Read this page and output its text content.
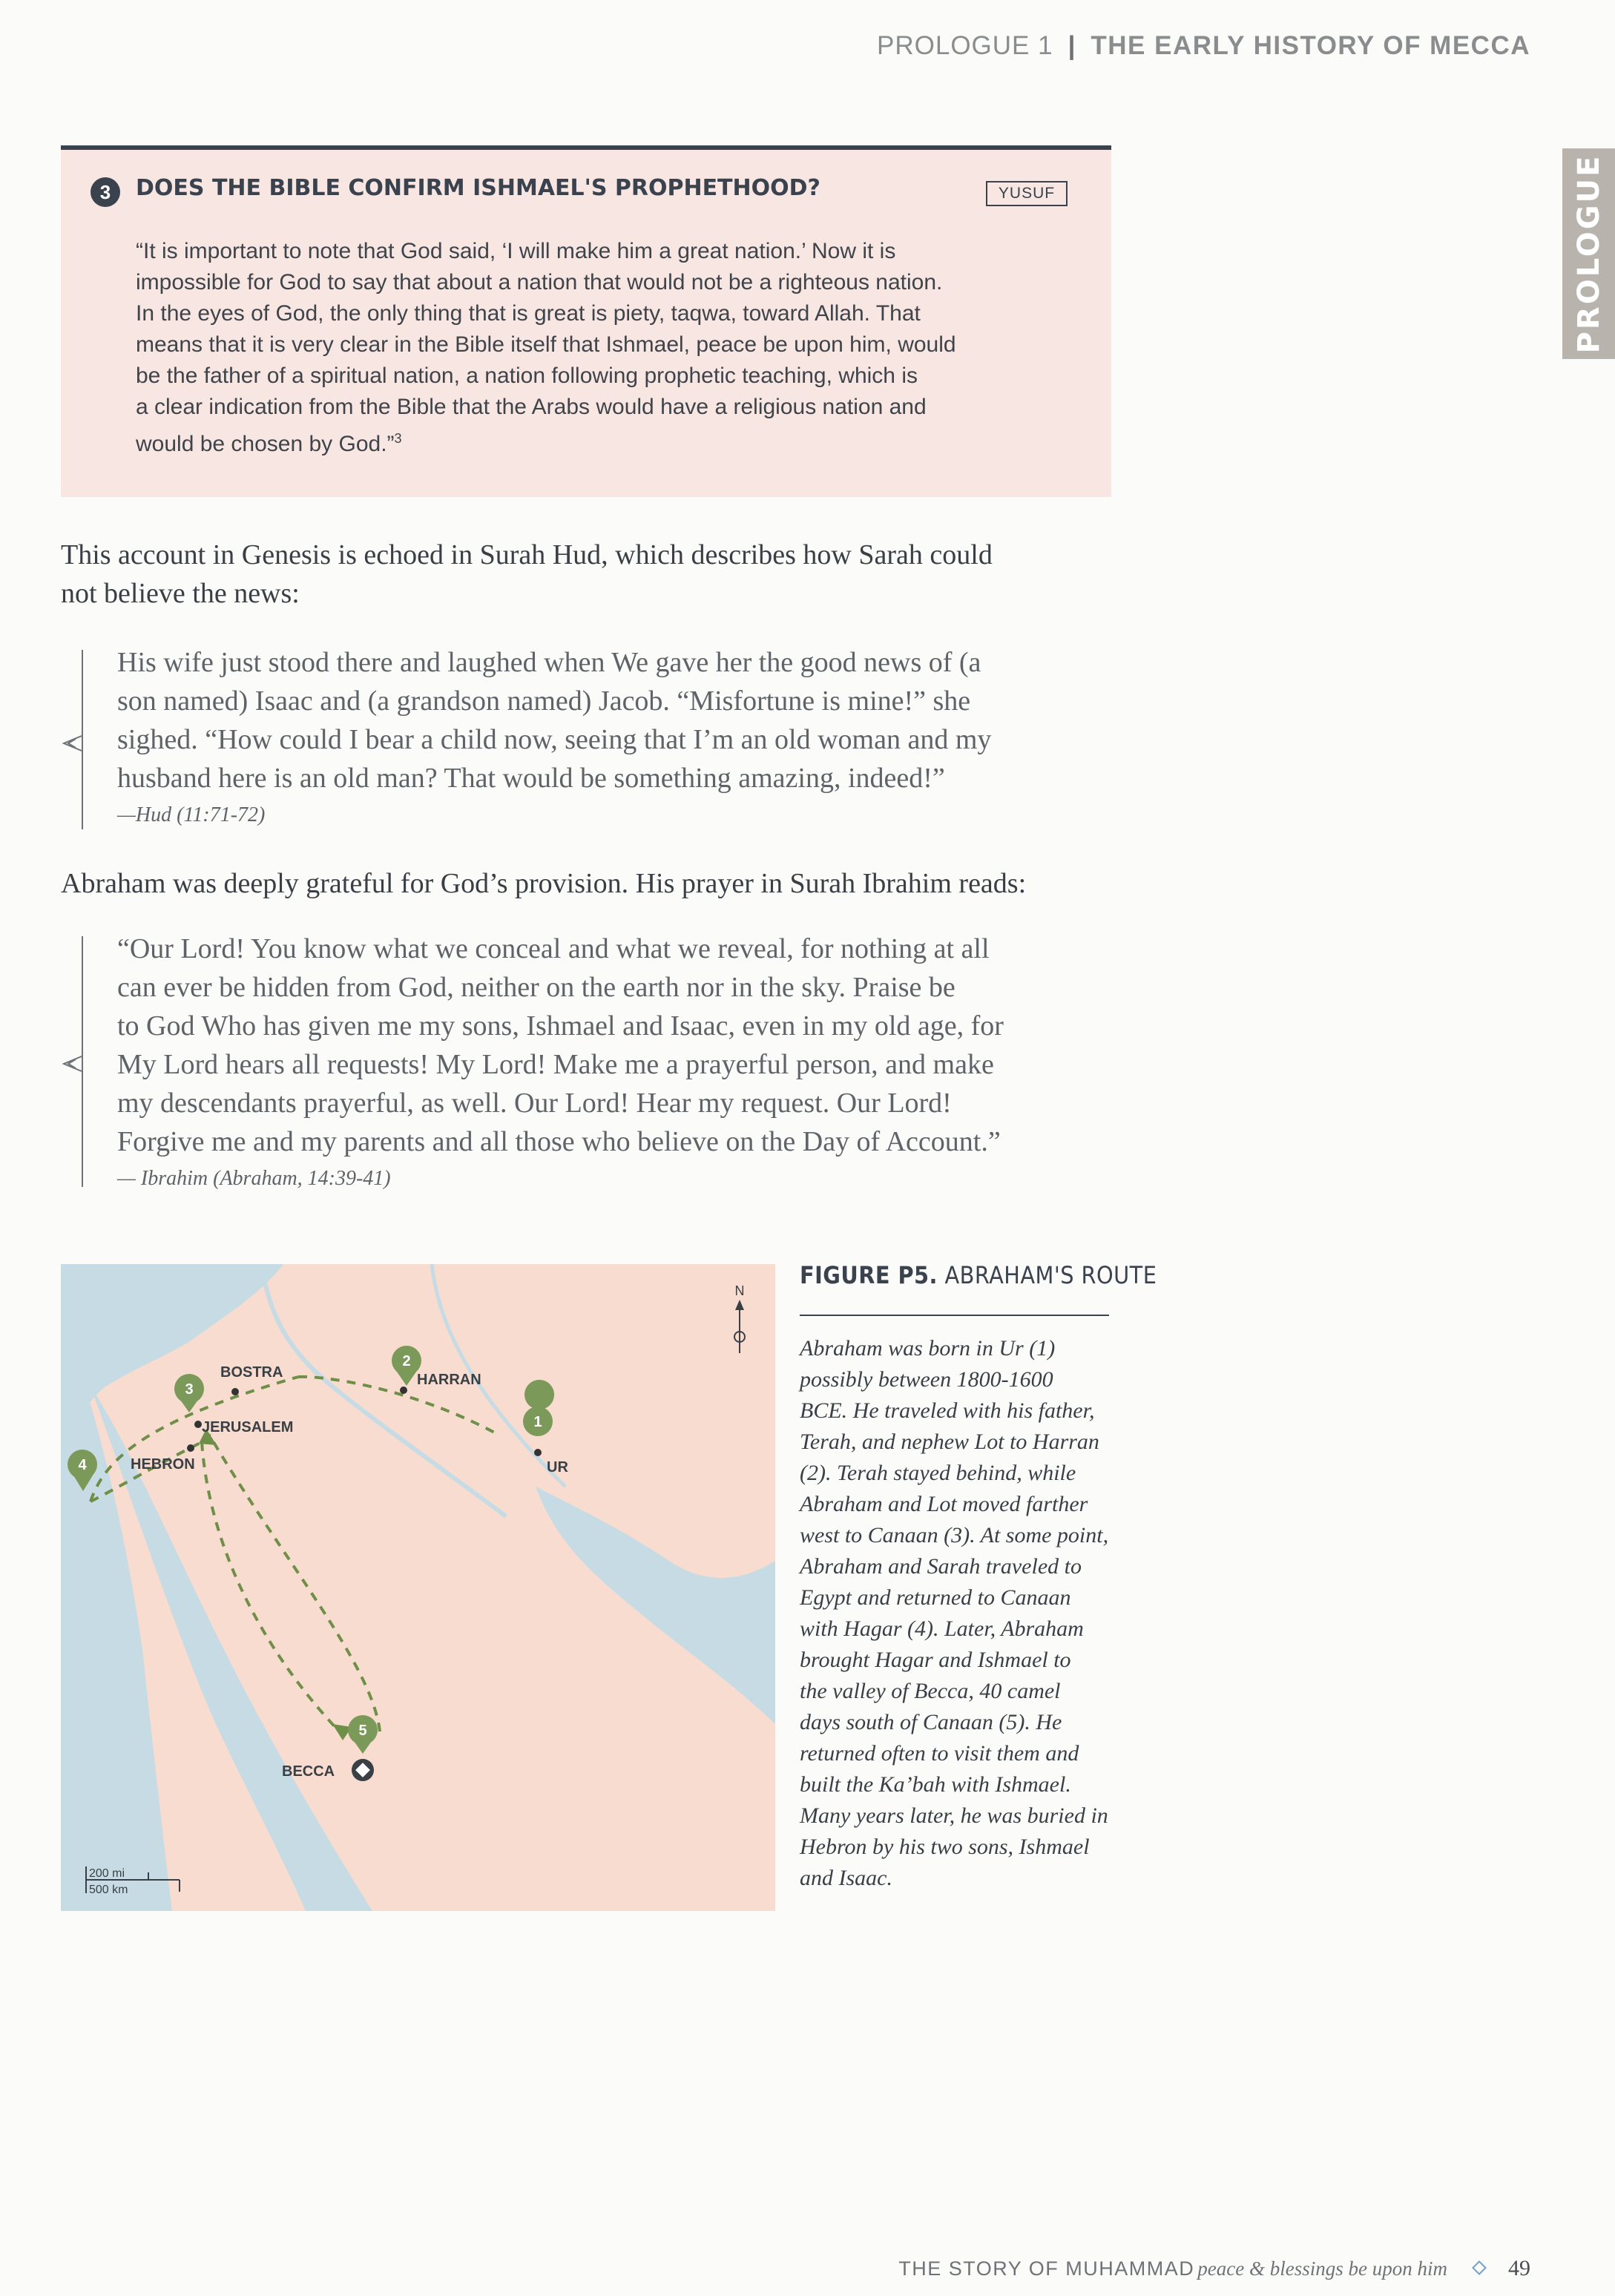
PROLOGUE 1 | THE EARLY HISTORY OF MECCA
PROLOGUE
3	DOES THE BIBLE CONFIRM ISHMAEL'S PROPHETHOOD?	YUSUF
“It is important to note that God said, ‘I will make him a great nation.’ Now it is
impossible for God to say that about a nation that would not be a righteous nation.
In the eyes of God, the only thing that is great is piety, taqwa, toward Allah. That
means that it is very clear in the Bible itself that Ishmael, peace be upon him, would
be the father of a spiritual nation, a nation following prophetic teaching, which is
a clear indication from the Bible that the Arabs would have a religious nation and
would be chosen by God.”$^3$
This account in Genesis is echoed in Surah Hud, which describes how Sarah could
not believe the news:
His wife just stood there and laughed when We gave her the good news of (a
son named) Isaac and (a grandson named) Jacob. “Misfortune is mine!” she
sighed. “How could I bear a child now, seeing that I’m an old woman and my
husband here is an old man? That would be something amazing, indeed!”
—Hud (11:71-72)
Abraham was deeply grateful for God’s provision. His prayer in Surah Ibrahim reads:
“Our Lord! You know what we conceal and what we reveal, for nothing at all
can ever be hidden from God, neither on the earth nor in the sky. Praise be
to God Who has given me my sons, Ishmael and Isaac, even in my old age, for
My Lord hears all requests! My Lord! Make me a prayerful person, and make
my descendants prayerful, as well. Our Lord! Hear my request. Our Lord!
Forgive me and my parents and all those who believe on the Day of Account.”
— Ibrahim (Abraham, 14:39-41)
BOSTRA	HARRAN
JERUSALEM
HEBRON	UR
BECCA
1
2
3
4
5
N
200 mi
500 km
FIGURE P5. ABRAHAM'S ROUTE
Abraham was born in Ur (1)
possibly between 1800-1600
BCE. He traveled with his father,
Terah, and nephew Lot to Harran
(2). Terah stayed behind, while
Abraham and Lot moved farther
west to Canaan (3). At some point,
Abraham and Sarah traveled to
Egypt and returned to Canaan
with Hagar (4). Later, Abraham
brought Hagar and Ishmael to
the valley of Becca, 40 camel
days south of Canaan (5). He
returned often to visit them and
built the Ka’bah with Ishmael.
Many years later, he was buried in
Hebron by his two sons, Ishmael
and Isaac.
THE STORY OF MUHAMMAD peace & blessings be upon him	49
